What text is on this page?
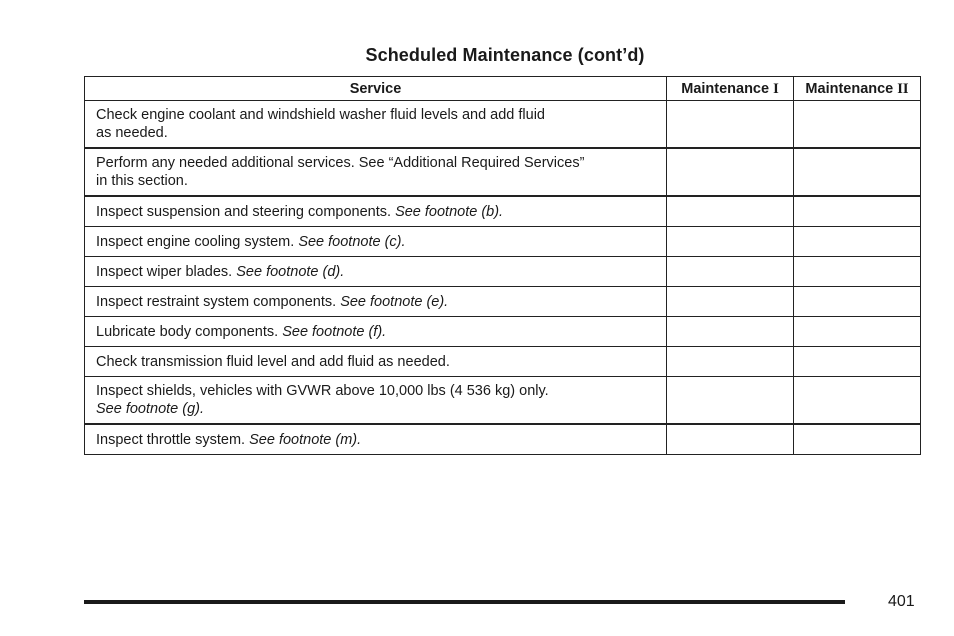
Scheduled Maintenance (cont’d)
Service	Maintenance I	Maintenance II
Check engine coolant and windshield washer fluid levels and add fluid
as needed.		
Perform any needed additional services. See “Additional Required Services”
in this section.		
Inspect suspension and steering components. See footnote (b).		
Inspect engine cooling system. See footnote (c).		
Inspect wiper blades. See footnote (d).		
Inspect restraint system components. See footnote (e).		
Lubricate body components. See footnote (f).		
Check transmission fluid level and add fluid as needed.		
Inspect shields, vehicles with GVWR above 10,000 lbs (4 536 kg) only.
See footnote (g).		
Inspect throttle system. See footnote (m).		
401
